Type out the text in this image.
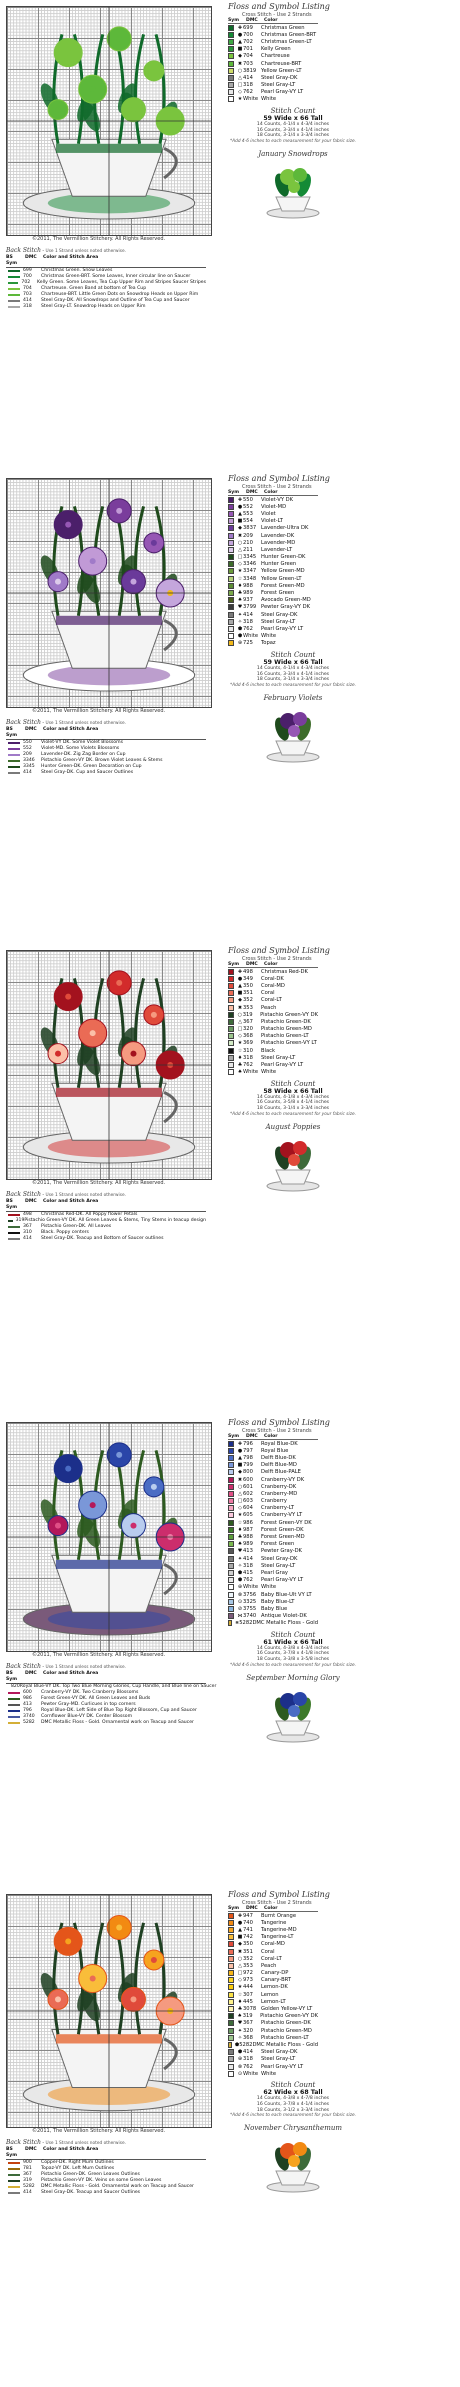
©2011, The Vermillion Stitchery. All Rights Reserved.
Back Stitch - Use 1 Strand unless noted otherwise.
BS Sym
DMC	Color and Stitch Area
699	Christmas Green. Snow Leaves
700	Christmas Green-BRT. Some Leaves, Inner circular line on Saucer
702	Kelly Green. Some Leaves, Tea Cup Upper Rim and Stripes Saucer Stripes
704	Chartreuse. Green Band at bottom of Tea Cup
703	Chartreuse-BRT. Little Green Dots on Snowdrop Heads on Upper Rim
414	Steel Gray-DK. All Snowdrops and Outline of Tea Cup and Saucer
318	Steel Gray-LT. Snowdrop Heads on Upper Rim
Floss and Symbol Listing
Cross Stitch - Use 2 Strands
Sym	DMC	Color
✚ 699	Christmas Green
● 700	Christmas Green-BRT
▲ 702	Christmas Green-LT
■ 701	Kelly Green
◆ 704	Chartreuse
✖ 703	Chartreuse-BRT
○ 3819 Yellow Green-LT
△ 414	Steel Gray-DK
□ 318	Steel Gray-LT
◇ 762	Pearl Gray-VY LT
★ White White
Stitch Count
59 Wide x 66 Tall
14 Counts, 4-1/4 x 4-3/4 inches
16 Counts, 3-3/4 x 4-1/4 inches
18 Counts, 3-1/4 x 3-3/4 inches
*Add 4-6 inches to each measurement for your fabric size.
January Snowdrops
©2011, The Vermillion Stitchery. All Rights Reserved.
Back Stitch - Use 1 Strand unless noted otherwise.
BS Sym
DMC	Color and Stitch Area
550	Violet-VY DK. Some Violet Blossoms
552	Violet-MD. Some Violets Blossoms
209	Lavender-DK. Zig Zag Border on Cup
3346	Pistachio Green-VY DK. Brown Violet Leaves & Stems
3345	Hunter Green-DK. Green Decoration on Cup
414	Steel Gray-DK. Cup and Saucer Outlines
Floss and Symbol Listing
Cross Stitch - Use 2 Strands
Sym	DMC	Color
✚ 550	Violet-VY DK
● 552	Violet-MD
▲ 553	Violet
■ 554	Violet-LT
◆ 3837 Lavender-Ultra DK
✖ 209	Lavender-DK
○ 210	Lavender-MD
△ 211	Lavender-LT
□ 3345 Hunter Green-DK
◇ 3346 Hunter Green
★ 3347 Yellow Green-MD
☆ 3348 Yellow Green-LT
♦ 988	Forest Green-MD
♣ 989	Forest Green
♠ 937	Avocado Green-MD
♥ 3799 Pewter Gray-VY DK
✦ 414	Steel Gray-DK
✧ 318	Steel Gray-LT
⬟ 762	Pearl Gray-VY LT
⬢ White White
⊕ 725	Topaz
Stitch Count
59 Wide x 66 Tall
14 Counts, 4-1/4 x 4-3/4 inches
16 Counts, 3-3/4 x 4-1/4 inches
18 Counts, 3-1/4 x 3-3/4 inches
*Add 4-6 inches to each measurement for your fabric size.
February Violets
©2011, The Vermillion Stitchery. All Rights Reserved.
Back Stitch - Use 1 Strand unless noted otherwise.
BS Sym
DMC	Color and Stitch Area
498	Christmas Red-DK. All Poppy flower Petals
319 Pistachio Green-VY DK. All Green Leaves & Stems, Tiny Stems in teacup design
367	Pistachio Green-DK. All Leaves
310	Black. Poppy centers
414	Steel Gray-DK. Teacup and Bottom of Saucer outlines
Floss and Symbol Listing
Cross Stitch - Use 2 Strands
Sym	DMC	Color
✚ 498	Christmas Red-DK
● 349	Coral-DK
▲ 350	Coral-MD
■ 351	Coral
◆ 352	Coral-LT
✖ 353	Peach
○ 319	Pistachio Green-VY DK
△ 367	Pistachio Green-DK
□ 320	Pistachio Green-MD
◇ 368	Pistachio Green-LT
★ 369	Pistachio Green-VY LT
☆ 310	Black
♦ 318	Steel Gray-LT
♣ 762	Pearl Gray-VY LT
♠ White White
Stitch Count
58 Wide x 66 Tall
14 Counts, 4-1/8 x 4-3/4 inches
16 Counts, 3-5/8 x 4-1/4 inches
18 Counts, 3-1/4 x 3-3/4 inches
*Add 4-6 inches to each measurement for your fabric size.
August Poppies
©2011, The Vermillion Stitchery. All Rights Reserved.
Back Stitch - Use 1 Strand unless noted otherwise.
BS Sym
DMC	Color and Stitch Area
820 Royal Blue-VY DK. Top Two Blue Morning Glories, Cup Handle, and Blue line on Saucer
600	Cranberry-VY DK. Two Cranberry Blossoms
986	Forest Green-VY DK. All Green Leaves and Buds
413	Pewter Gray-MD. Curlicues in top corners
796	Royal Blue-DK. Left Side of Blue Top Right Blossom, Cup and Saucer
3740	Cornflower Blue-VY DK. Center Blossom
5282	DMC Metallic Floss - Gold. Ornamental work on Teacup and Saucer
Floss and Symbol Listing
Cross Stitch - Use 2 Strands
Sym	DMC	Color
✚ 796	Royal Blue-DK
● 797	Royal Blue
▲ 798	Delft Blue-DK
■ 799	Delft Blue-MD
◆ 800	Delft Blue-PALE
✖ 600	Cranberry-VY DK
○ 601	Cranberry-DK
△ 602	Cranberry-MD
□ 603	Cranberry
◇ 604	Cranberry-LT
★ 605	Cranberry-VY LT
☆ 986	Forest Green-VY DK
♦ 987	Forest Green-DK
♣ 988	Forest Green-MD
♠ 989	Forest Green
♥ 413	Pewter Gray-DK
✦ 414	Steel Gray-DK
✧ 318	Steel Gray-LT
⬟ 415	Pearl Gray
⬢ 762	Pearl Gray-VY LT
⊕ White White
⊗ 3756 Baby Blue-Ult VY LT
⊙ 3325 Baby Blue-LT
⊘ 3755 Baby Blue
⋈ 3740 Antique Violet-DK
⋇ 5282 DMC Metallic Floss - Gold
Stitch Count
61 Wide x 66 Tall
14 Counts, 4-3/8 x 4-3/4 inches
16 Counts, 3-7/8 x 4-1/8 inches
18 Counts, 3-3/8 x 3-5/8 inches
*Add 4-6 inches to each measurement for your fabric size.
September Morning Glory
©2011, The Vermillion Stitchery. All Rights Reserved.
Back Stitch - Use 1 Strand unless noted otherwise.
BS Sym
DMC	Color and Stitch Area
900	Copper-DK. Right Mum Outlines
781	Topaz-VY DK. Left Mum Outlines
367	Pistachio Green-DK. Green Leaves Outlines
319	Pistachio Green-VY DK. Veins on some Green Leaves
5282	DMC Metallic Floss - Gold. Ornamental work on Teacup and Saucer
414	Steel Gray-DK. Teacup and Saucer Outlines
Floss and Symbol Listing
Cross Stitch - Use 2 Strands
Sym	DMC	Color
✚ 947	Burnt Orange
● 740	Tangerine
▲ 741	Tangerine-MD
■ 742	Tangerine-LT
◆ 350	Coral-MD
✖ 351	Coral
○ 352	Coral-LT
△ 353	Peach
□ 972	Canary-DP
◇ 973	Canary-BRT
★ 444	Lemon-DK
☆ 307	Lemon
♦ 445	Lemon-LT
♣ 3078 Golden Yellow-VY LT
♠ 319	Pistachio Green-VY DK
♥ 367	Pistachio Green-DK
✦ 320	Pistachio Green-MD
✧ 368	Pistachio Green-LT
⬟ 5282 DMC Metallic Floss - Gold
⬢ 414	Steel Gray-DK
⊕ 318	Steel Gray-LT
⊗ 762	Pearl Gray-VY LT
⊙ White White
Stitch Count
62 Wide x 68 Tall
14 Counts, 4-3/8 x 4-7/8 inches
16 Counts, 3-7/8 x 4-1/4 inches
18 Counts, 3-1/2 x 3-3/4 inches
*Add 4-6 inches to each measurement for your fabric size.
November Chrysanthemum
